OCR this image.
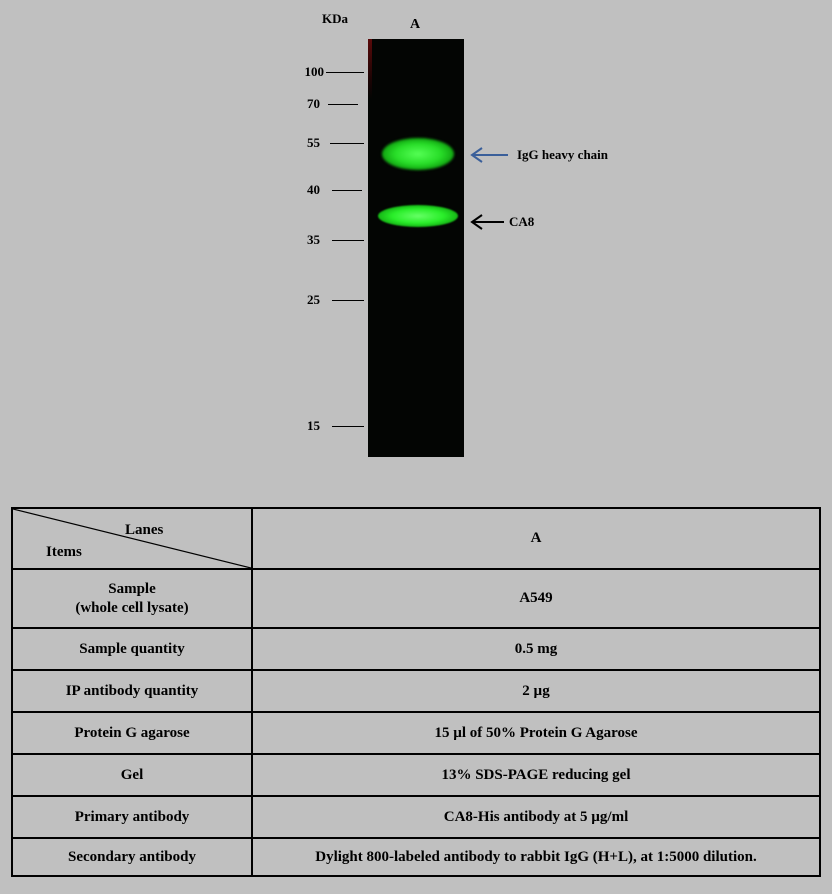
KDa	A
100
70
55
40
35
25
15
IgG heavy chain
CA8
Lanes
Items	A

Sample
(whole cell lysate)	A549
Sample quantity	0.5 mg
IP antibody quantity	2 µg
Protein G agarose	15 µl of 50% Protein G Agarose
Gel	13% SDS-PAGE reducing gel
Primary antibody	CA8-His antibody at 5 µg/ml
Secondary antibody	Dylight 800-labeled antibody to rabbit IgG (H+L), at 1:5000 dilution.
